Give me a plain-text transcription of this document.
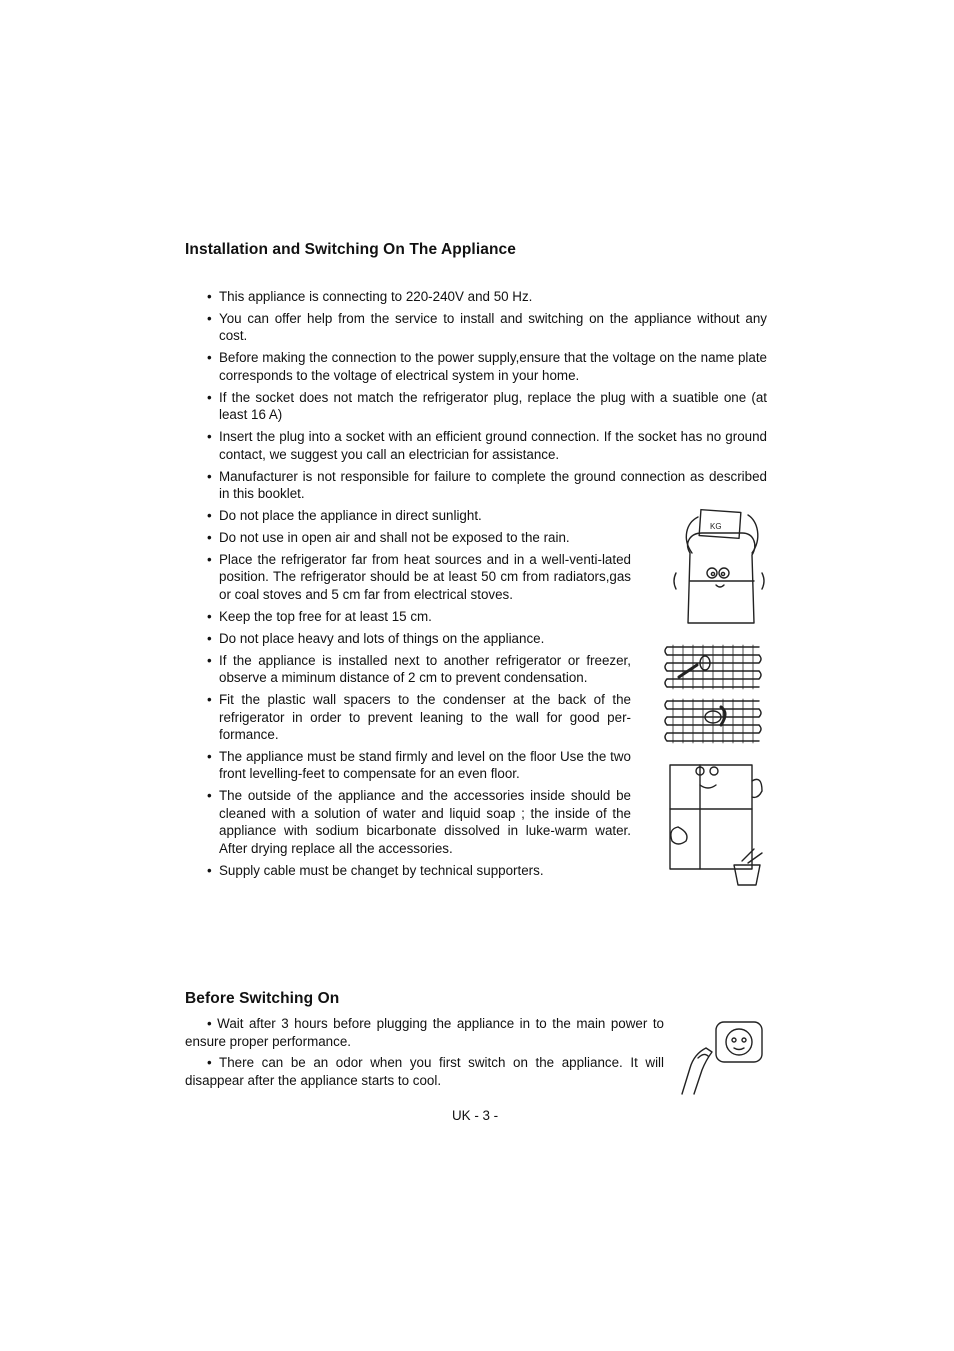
Installation and Switching On The Appliance
• This appliance is connecting to 220-240V and 50 Hz.
• You can offer help from the service to install and switching on the appliance without any cost.
• Before making the connection to the power supply,ensure that the voltage on the name plate corresponds to the voltage of electrical system in your home.
• If the socket does not match the refrigerator plug, replace the plug with a suatible one (at least 16 A)
• Insert the plug into a socket with an efficient ground connection. If the socket has no ground contact, we suggest you call an electrician for assistance.
• Manufacturer is not responsible for failure to complete the ground connection as described in this booklet.
• Do not place the appliance in direct sunlight.
• Do not use in open air and shall not be exposed to the rain.
• Place the refrigerator far from heat sources and in a well-venti-lated position. The refrigerator should be at least 50 cm from radiators,gas or coal stoves and 5 cm far from electrical stoves.
• Keep the top free for at least 15 cm.
• Do not place heavy and lots of things on the appliance.
• If the appliance is installed next to another refrigerator or freezer, observe a miminum distance of 2 cm to prevent condensation.
• Fit the plastic wall spacers to the condenser at the back of the refrigerator in order to prevent leaning to the wall for good per-formance.
• The appliance must be stand firmly and level on the floor Use the two front levelling-feet to compensate for an even floor.
• The outside of the appliance and the accessories inside should be cleaned with a solution of water and liquid soap ; the inside of the appliance with sodium bicarbonate dissolved in luke-warm water. After drying replace all the accessories.
• Supply cable must be changet by technical supporters.
KG
Before Switching On

• Wait after 3 hours before plugging the appliance in to the main power to ensure proper performance.

• There can be an odor when you first switch on the appliance. It will disappear after the appliance starts to cool.

UK - 3 -
